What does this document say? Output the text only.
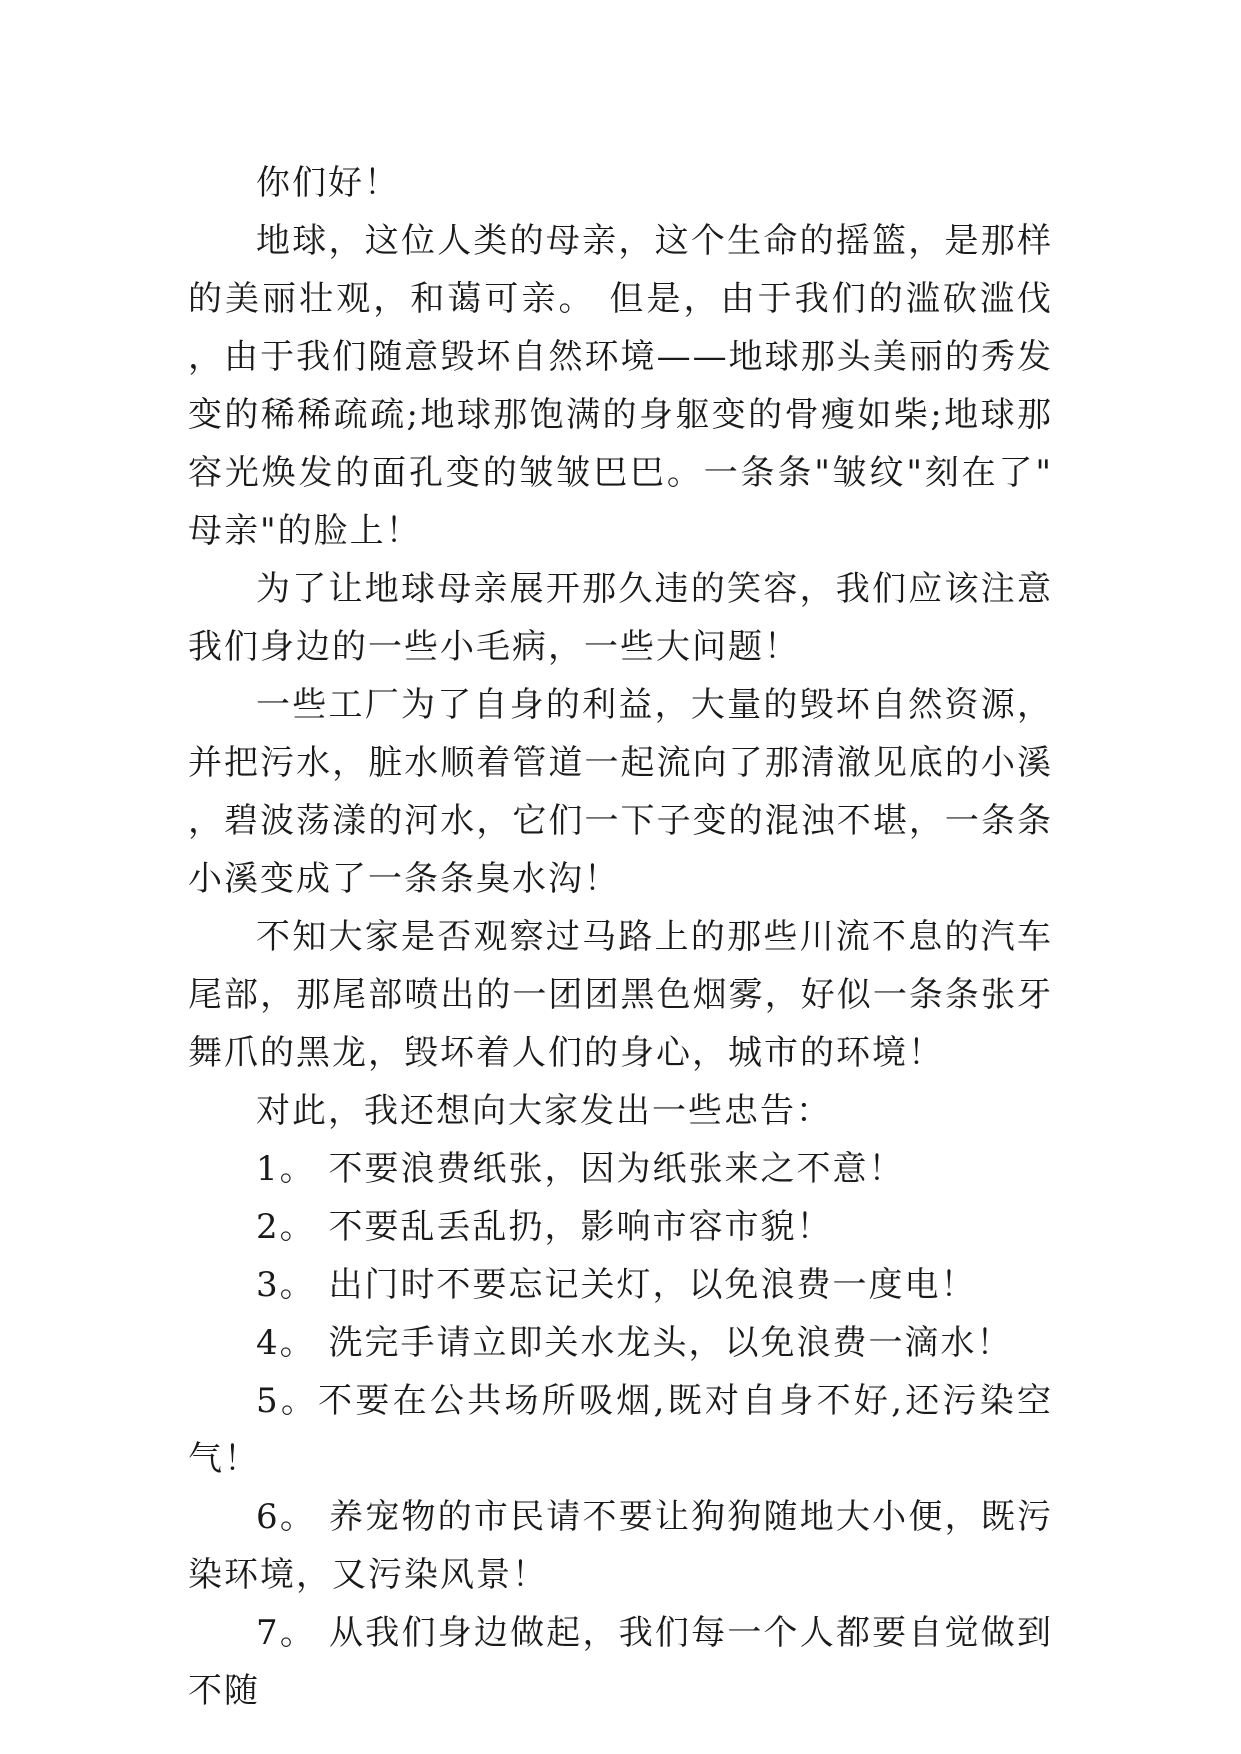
你们好！

地球，这位人类的母亲，这个生命的摇篮，是那样的美丽壮观，和蔼可亲。 但是，由于我们的滥砍滥伐，由于我们随意毁坏自然环境——地球那头美丽的秀发变的稀稀疏疏;地球那饱满的身躯变的骨瘦如柴;地球那容光焕发的面孔变的皱皱巴巴。一条条"皱纹"刻在了"母亲"的脸上！

为了让地球母亲展开那久违的笑容，我们应该注意我们身边的一些小毛病，一些大问题！

一些工厂为了自身的利益，大量的毁坏自然资源，并把污水，脏水顺着管道一起流向了那清澈见底的小溪，碧波荡漾的河水，它们一下子变的混浊不堪，一条条小溪变成了一条条臭水沟！

不知大家是否观察过马路上的那些川流不息的汽车尾部，那尾部喷出的一团团黑色烟雾，好似一条条张牙舞爪的黑龙，毁坏着人们的身心，城市的环境！

对此，我还想向大家发出一些忠告：

1。 不要浪费纸张，因为纸张来之不意！

2。 不要乱丢乱扔，影响市容市貌！

3。 出门时不要忘记关灯，以免浪费一度电！

4。 洗完手请立即关水龙头，以免浪费一滴水！

5。不要在公共场所吸烟,既对自身不好,还污染空气！

6。 养宠物的市民请不要让狗狗随地大小便，既污染环境，又污染风景！

7。 从我们身边做起，我们每一个人都要自觉做到不随
